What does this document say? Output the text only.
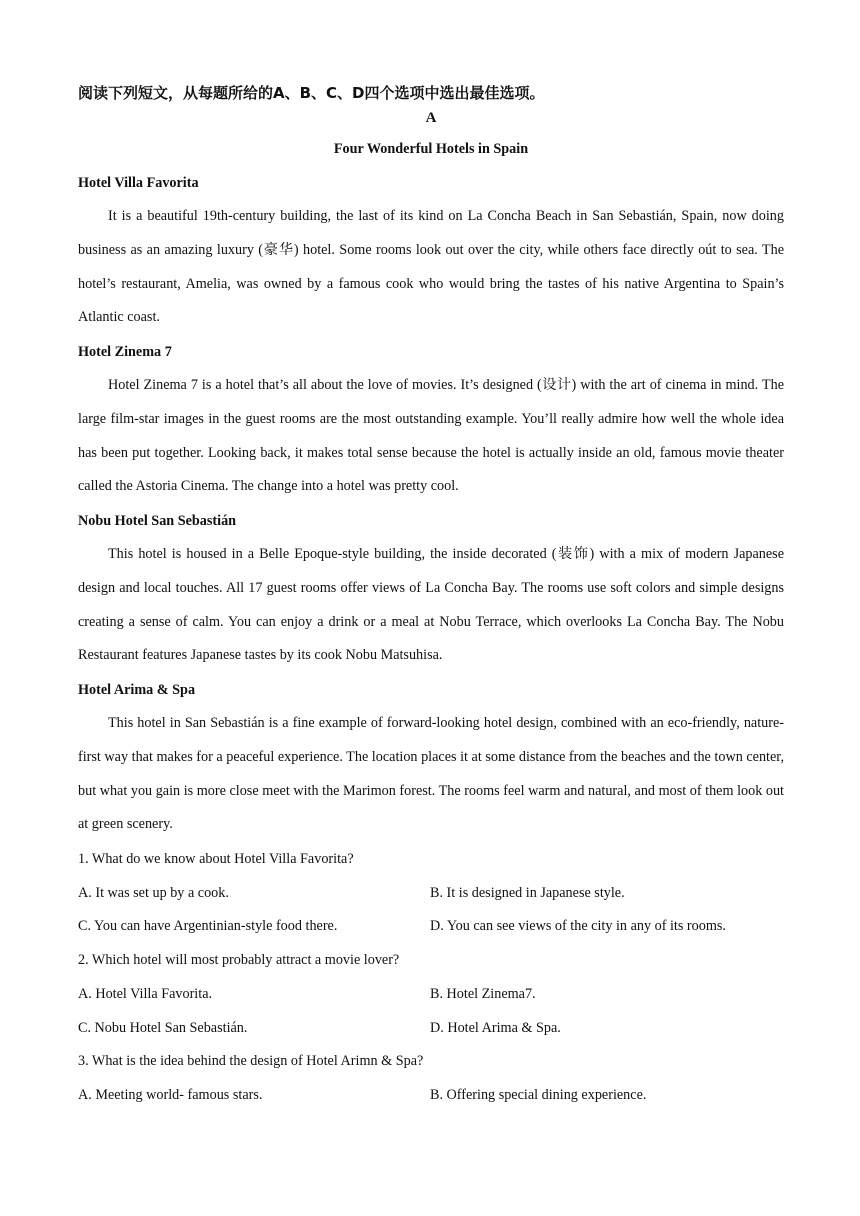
阅读下列短文，从每题所给的A、B、C、D四个选项中选出最佳选项。
A
Four Wonderful Hotels in Spain
Hotel Villa Favorita
It is a beautiful 19th-century building, the last of its kind on La Concha Beach in San Sebastián, Spain, now doing business as an amazing luxury (豪华) hotel. Some rooms look out over the city, while others face directly oút to sea. The hotel’s restaurant, Amelia, was owned by a famous cook who would bring the tastes of his native Argentina to Spain’s Atlantic coast.
Hotel Zinema 7
Hotel Zinema 7 is a hotel that’s all about the love of movies. It’s designed (设计) with the art of cinema in mind. The large film-star images in the guest rooms are the most outstanding example. You’ll really admire how well the whole idea has been put together. Looking back, it makes total sense because the hotel is actually inside an old, famous movie theater called the Astoria Cinema. The change into a hotel was pretty cool.
Nobu Hotel San Sebastián
This hotel is housed in a Belle Epoque-style building, the inside decorated (装饰) with a mix of modern Japanese design and local touches. All 17 guest rooms offer views of La Concha Bay. The rooms use soft colors and simple designs creating a sense of calm. You can enjoy a drink or a meal at Nobu Terrace, which overlooks La Concha Bay. The Nobu Restaurant features Japanese tastes by its cook Nobu Matsuhisa.
Hotel Arima & Spa
This hotel in San Sebastián is a fine example of forward-looking hotel design, combined with an eco-friendly, nature-first way that makes for a peaceful experience. The location places it at some distance from the beaches and the town center, but what you gain is more close meet with the Marimon forest. The rooms feel warm and natural, and most of them look out at green scenery.
1. What do we know about Hotel Villa Favorita?
A. It was set up by a cook.	B. It is designed in Japanese style.
C. You can have Argentinian-style food there.	D. You can see views of the city in any of its rooms.
2. Which hotel will most probably attract a movie lover?
A. Hotel Villa Favorita.	B. Hotel Zinema7.
C. Nobu Hotel San Sebastián.	D. Hotel Arima & Spa.
3. What is the idea behind the design of Hotel Arimn & Spa?
A. Meeting world- famous stars.	B. Offering special dining experience.
